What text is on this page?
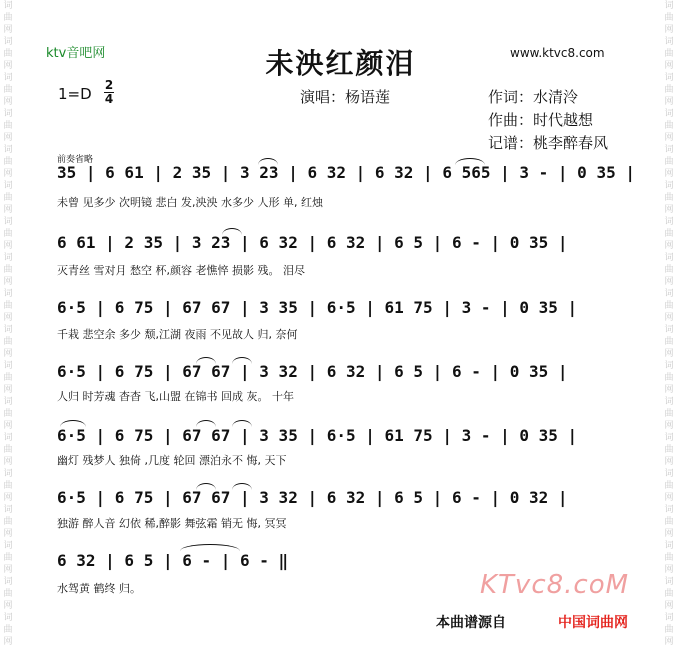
词曲网词曲网词曲网词曲网词曲网词曲网词曲网词曲网词曲网词曲网词曲网词曲网词曲网词曲网词曲网词曲网词曲网词曲网
词曲网词曲网词曲网词曲网词曲网词曲网词曲网词曲网词曲网词曲网词曲网词曲网词曲网词曲网词曲网词曲网词曲网词曲网
ktv音吧网	未泱红颜泪	www.ktvc8.com
1=D 2
4	演唱：杨语莲	作词：水清泠
作曲：时代越想
记谱：桃李醉春风
前奏省略
35 | 6 61 | 2 35 | 3 23 | 6 32 | 6 32 | 6 565 | 3 - | 0 35 |
未曾 见多少 次明镜 悲白 发,泱泱 水多少 人形 单, 红烛
6 61 | 2 35 | 3 23 | 6 32 | 6 32 | 6 5 | 6 - | 0 35 |
灭青丝 雪对月 愁空 杯,颜容 老憔悴 损影 残。 泪尽
6·5 | 6 75 | 67 67 | 3 35 | 6·5 | 61 75 | 3 - | 0 35 |
千栽 悲空余 多少 颓,江湖 夜雨 不见故人 归, 奈何
6·5 | 6 75 | 67 67 | 3 32 | 6 32 | 6 5 | 6 - | 0 35 |
人归 时芳魂 杳杳 飞,山盟 在锦书 回成 灰。 十年
6·5 | 6 75 | 67 67 | 3 35 | 6·5 | 61 75 | 3 - | 0 35 |
幽灯 残梦人 独倚 ,几度 轮回 漂泊永不 悔, 天下
6·5 | 6 75 | 67 67 | 3 32 | 6 32 | 6 5 | 6 - | 0 32 |
独游 醉人音 幻依 稀,醉影 舞弦霜 销无 悔, 冥冥
6 32 | 6 5 | 6 - | 6 - ‖
水驾黄 鹤终 归。	KTvc8.coM
本曲谱源自	中国词曲网
